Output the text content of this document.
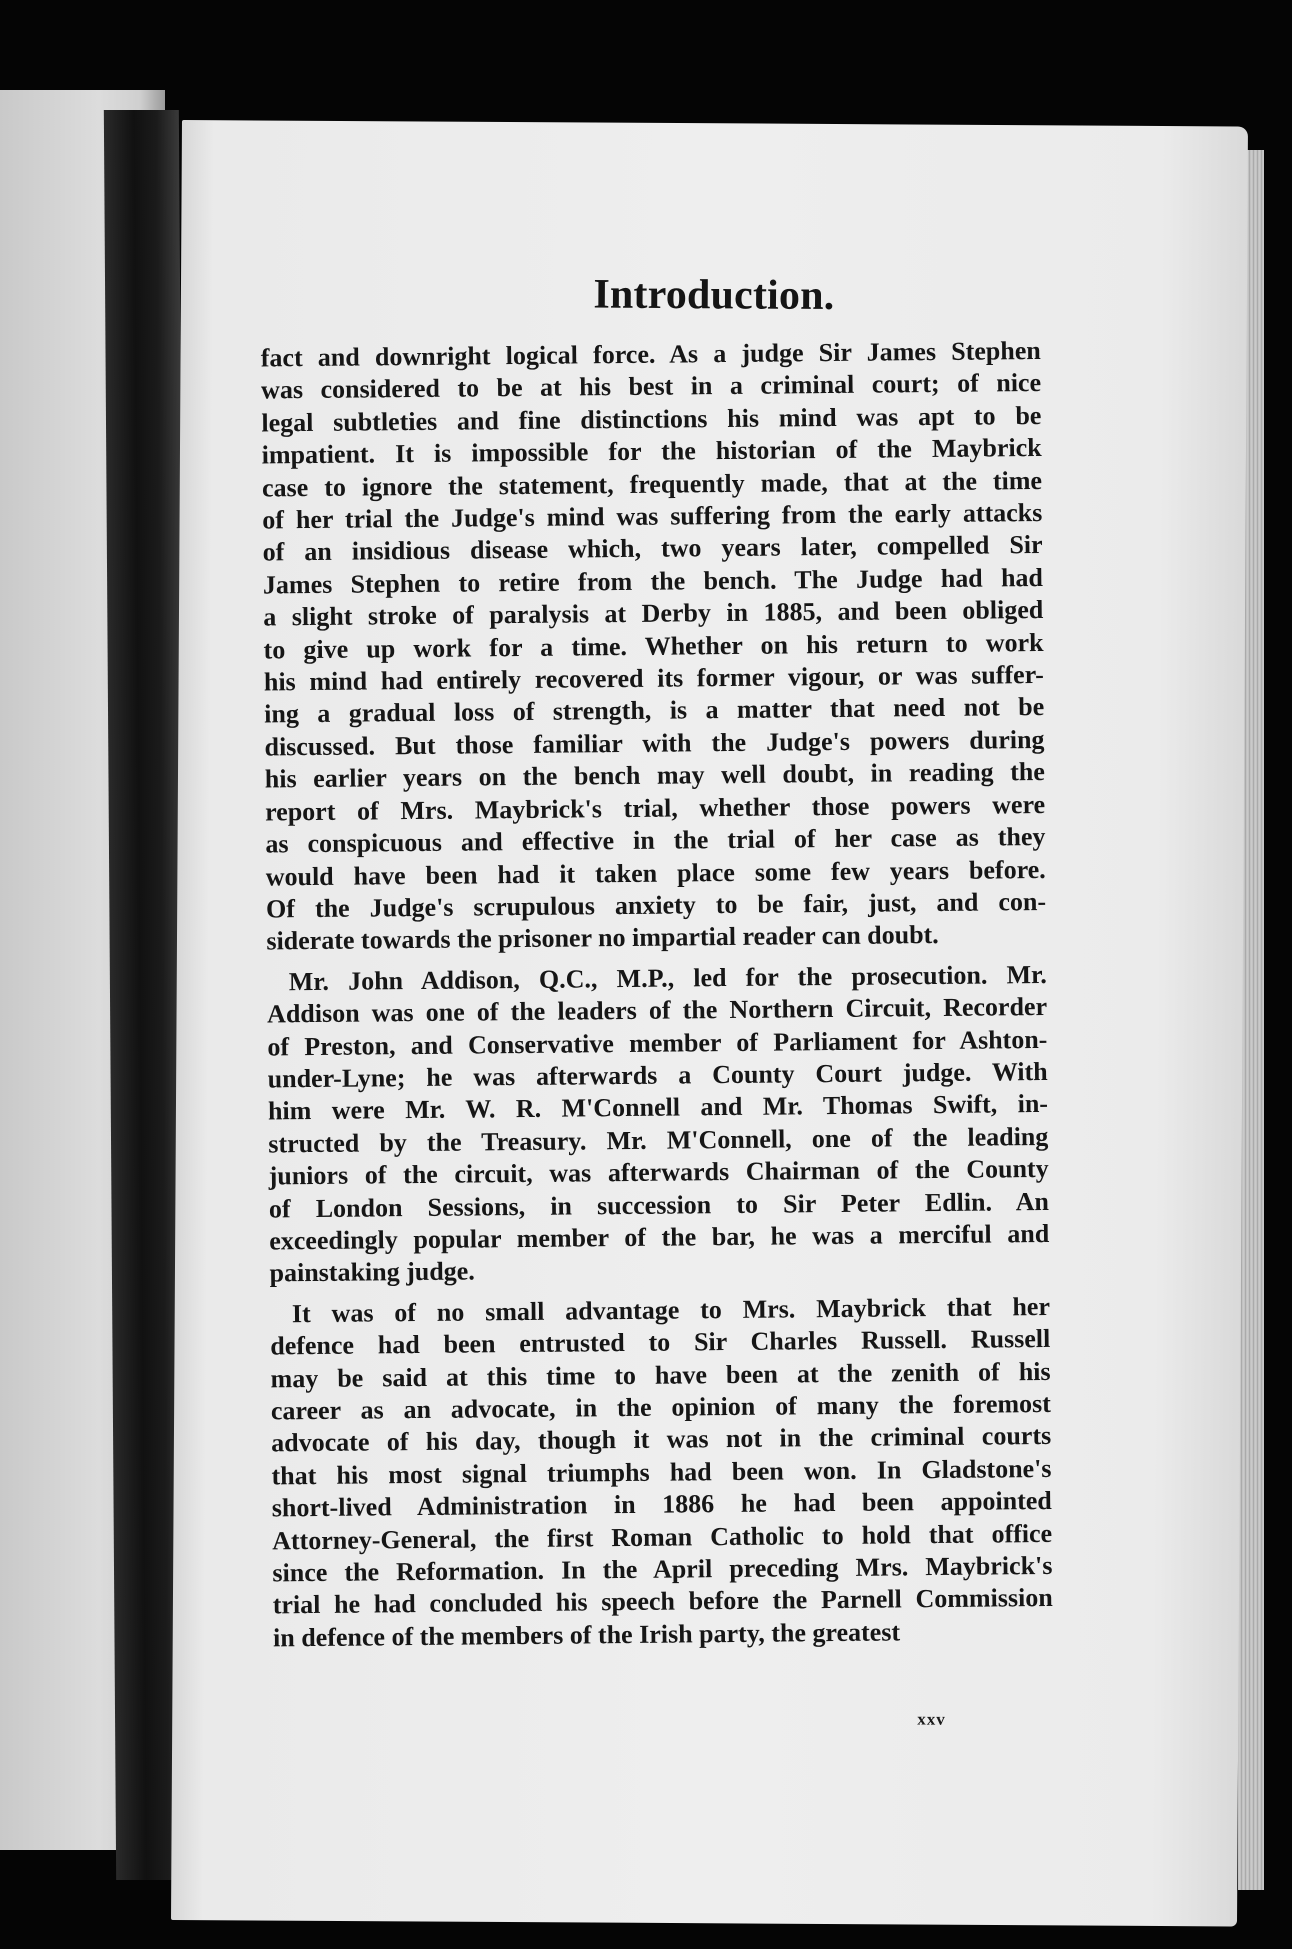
Introduction.
fact and downright logical force. As a judge Sir James Stephen
was considered to be at his best in a criminal court; of nice
legal subtleties and fine distinctions his mind was apt to be
impatient. It is impossible for the historian of the Maybrick
case to ignore the statement, frequently made, that at the time
of her trial the Judge's mind was suffering from the early attacks
of an insidious disease which, two years later, compelled Sir
James Stephen to retire from the bench. The Judge had had
a slight stroke of paralysis at Derby in 1885, and been obliged
to give up work for a time. Whether on his return to work
his mind had entirely recovered its former vigour, or was suffer-
ing a gradual loss of strength, is a matter that need not be
discussed. But those familiar with the Judge's powers during
his earlier years on the bench may well doubt, in reading the
report of Mrs. Maybrick's trial, whether those powers were
as conspicuous and effective in the trial of her case as they
would have been had it taken place some few years before.
Of the Judge's scrupulous anxiety to be fair, just, and con-
siderate towards the prisoner no impartial reader can doubt.
Mr. John Addison, Q.C., M.P., led for the prosecution. Mr.
Addison was one of the leaders of the Northern Circuit, Recorder
of Preston, and Conservative member of Parliament for Ashton-
under-Lyne; he was afterwards a County Court judge. With
him were Mr. W. R. M'Connell and Mr. Thomas Swift, in-
structed by the Treasury. Mr. M'Connell, one of the leading
juniors of the circuit, was afterwards Chairman of the County
of London Sessions, in succession to Sir Peter Edlin. An
exceedingly popular member of the bar, he was a merciful and
painstaking judge.
It was of no small advantage to Mrs. Maybrick that her
defence had been entrusted to Sir Charles Russell. Russell
may be said at this time to have been at the zenith of his
career as an advocate, in the opinion of many the foremost
advocate of his day, though it was not in the criminal courts
that his most signal triumphs had been won. In Gladstone's
short-lived Administration in 1886 he had been appointed
Attorney-General, the first Roman Catholic to hold that office
since the Reformation. In the April preceding Mrs. Maybrick's
trial he had concluded his speech before the Parnell Commission
in defence of the members of the Irish party, the greatest
xxv
